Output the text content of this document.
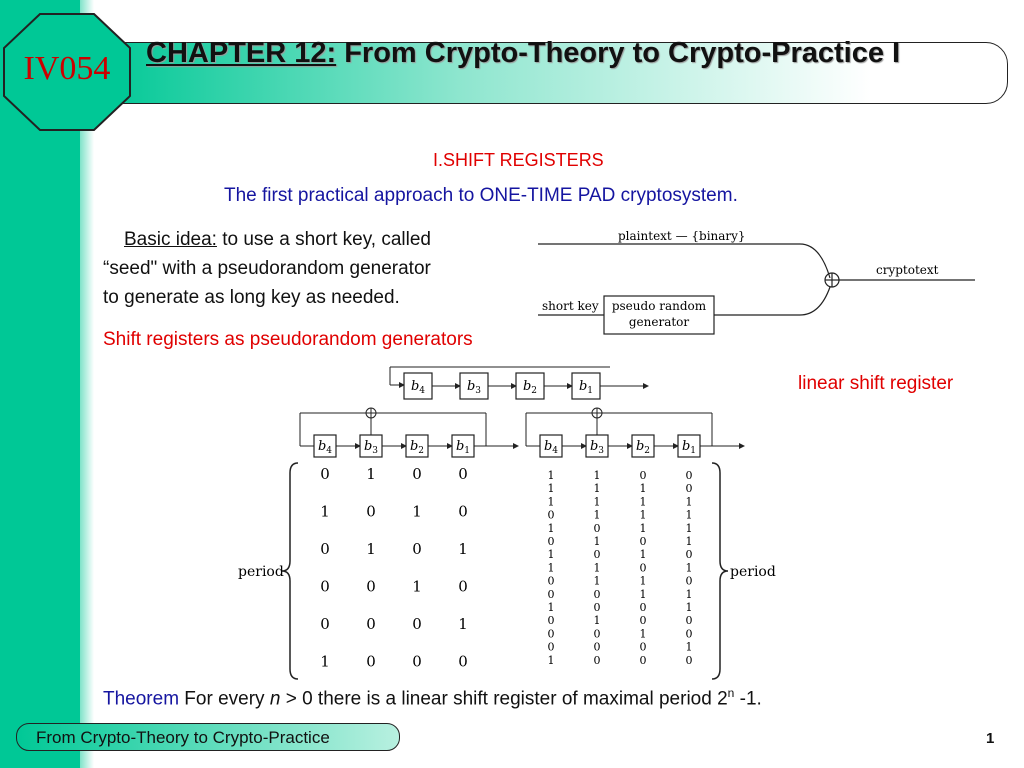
IV054	CHAPTER 12: From Crypto-Theory to Crypto-Practice I
I.SHIFT REGISTERS
The first practical approach to ONE-TIME PAD cryptosystem.
Basic idea: to use a short key, called
“seed" with a pseudorandom generator
to generate as long key as needed.
Shift registers as pseudorandom generators
linear shift register
plaintext — {binary}
cryptotext
short key pseudo random
generator
$b_4$	$b_3$	$b_2$	$b_1$
$b_4$ $b_3$ $b_2$ $b_1$	$b_4$ $b_3$ $b_2$ $b_1$
0 1 0 0
1 0 1 0
0 1 0 1
0 0 1 0
0 0 0 1
1 0 0 0
1	1	0	0
1	1	1	0
1	1	1	1
0	1	1	1
1	0	1	1
0	1	0	1
1	0	1	0
1	1	0	1
0	1	1	0
0	0	1	1
1	0	0	1
0	1	0	0
0	0	1	0
0	0	0	1
1	0	0	0
period	period
Theorem For every n > 0 there is a linear shift register of maximal period 2$^n$ -1.
From Crypto-Theory to Crypto-Practice	1
